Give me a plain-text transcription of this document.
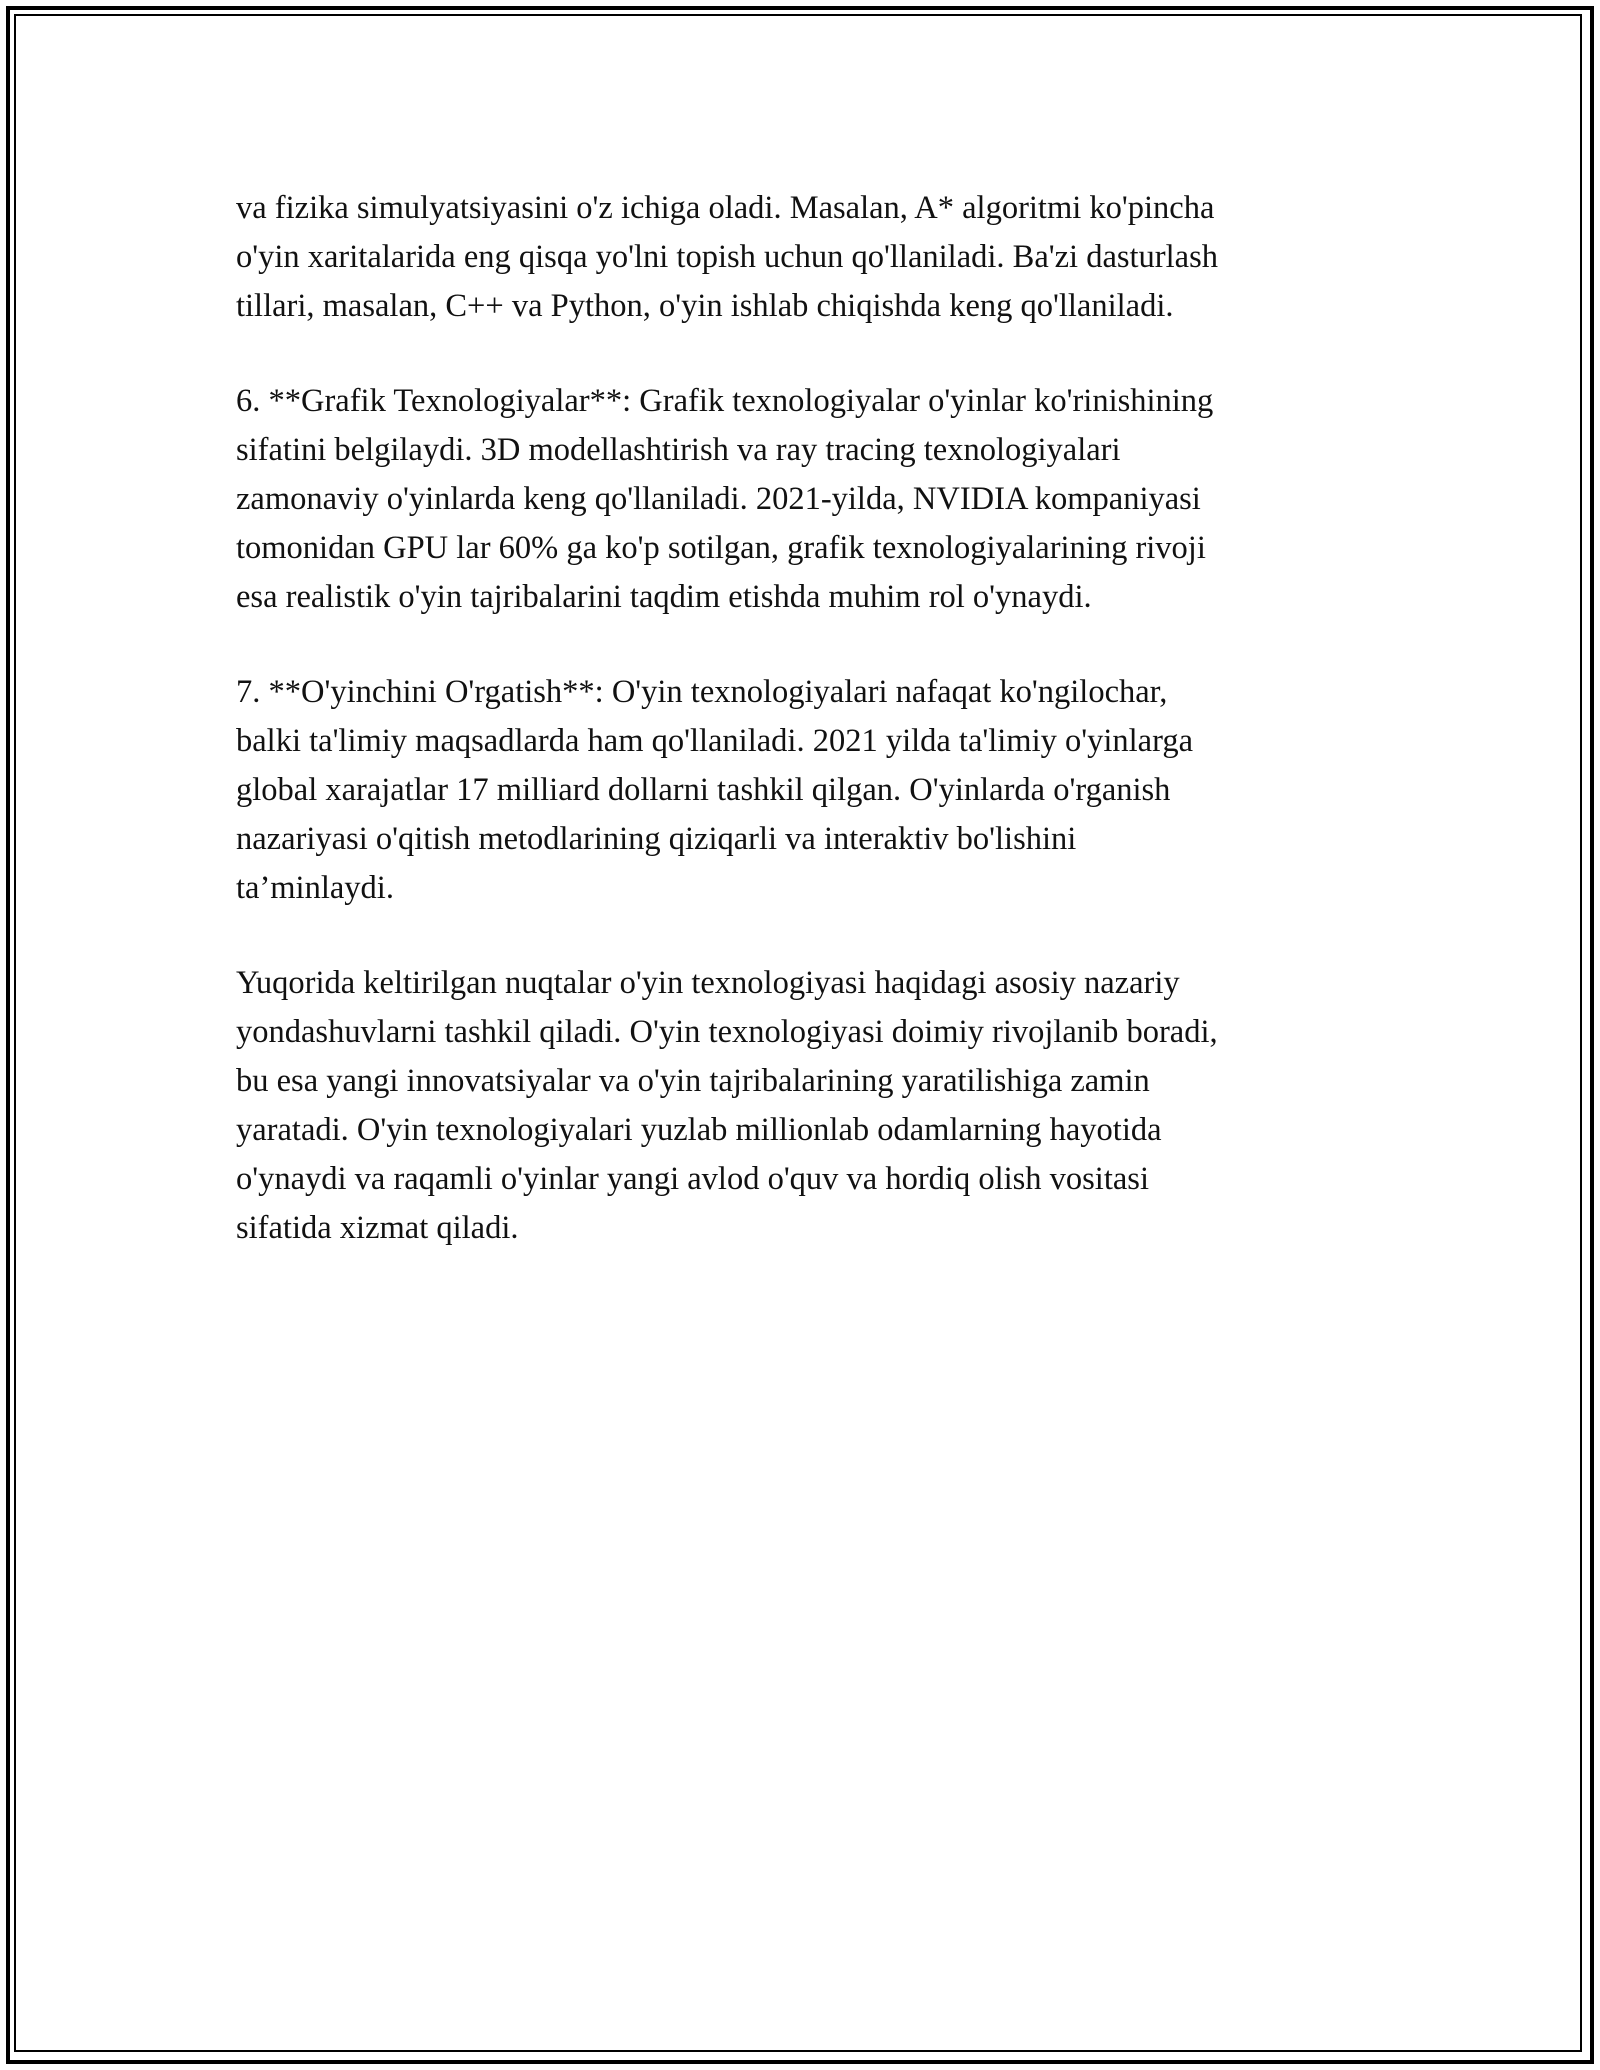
va fizika simulyatsiyasini o'z ichiga oladi. Masalan, A* algoritmi ko'pincha
o'yin xaritalarida eng qisqa yo'lni topish uchun qo'llaniladi. Ba'zi dasturlash
tillari, masalan, C++ va Python, o'yin ishlab chiqishda keng qo'llaniladi.

6. **Grafik Texnologiyalar**: Grafik texnologiyalar o'yinlar ko'rinishining
sifatini belgilaydi. 3D modellashtirish va ray tracing texnologiyalari
zamonaviy o'yinlarda keng qo'llaniladi. 2021-yilda, NVIDIA kompaniyasi
tomonidan GPU lar 60% ga ko'p sotilgan, grafik texnologiyalarining rivoji
esa realistik o'yin tajribalarini taqdim etishda muhim rol o'ynaydi.

7. **O'yinchini O'rgatish**: O'yin texnologiyalari nafaqat ko'ngilochar,
balki ta'limiy maqsadlarda ham qo'llaniladi. 2021 yilda ta'limiy o'yinlarga
global xarajatlar 17 milliard dollarni tashkil qilgan. O'yinlarda o'rganish
nazariyasi o'qitish metodlarining qiziqarli va interaktiv bo'lishini
ta’minlaydi.

Yuqorida keltirilgan nuqtalar o'yin texnologiyasi haqidagi asosiy nazariy
yondashuvlarni tashkil qiladi. O'yin texnologiyasi doimiy rivojlanib boradi,
bu esa yangi innovatsiyalar va o'yin tajribalarining yaratilishiga zamin
yaratadi. O'yin texnologiyalari yuzlab millionlab odamlarning hayotida
o'ynaydi va raqamli o'yinlar yangi avlod o'quv va hordiq olish vositasi
sifatida xizmat qiladi.
